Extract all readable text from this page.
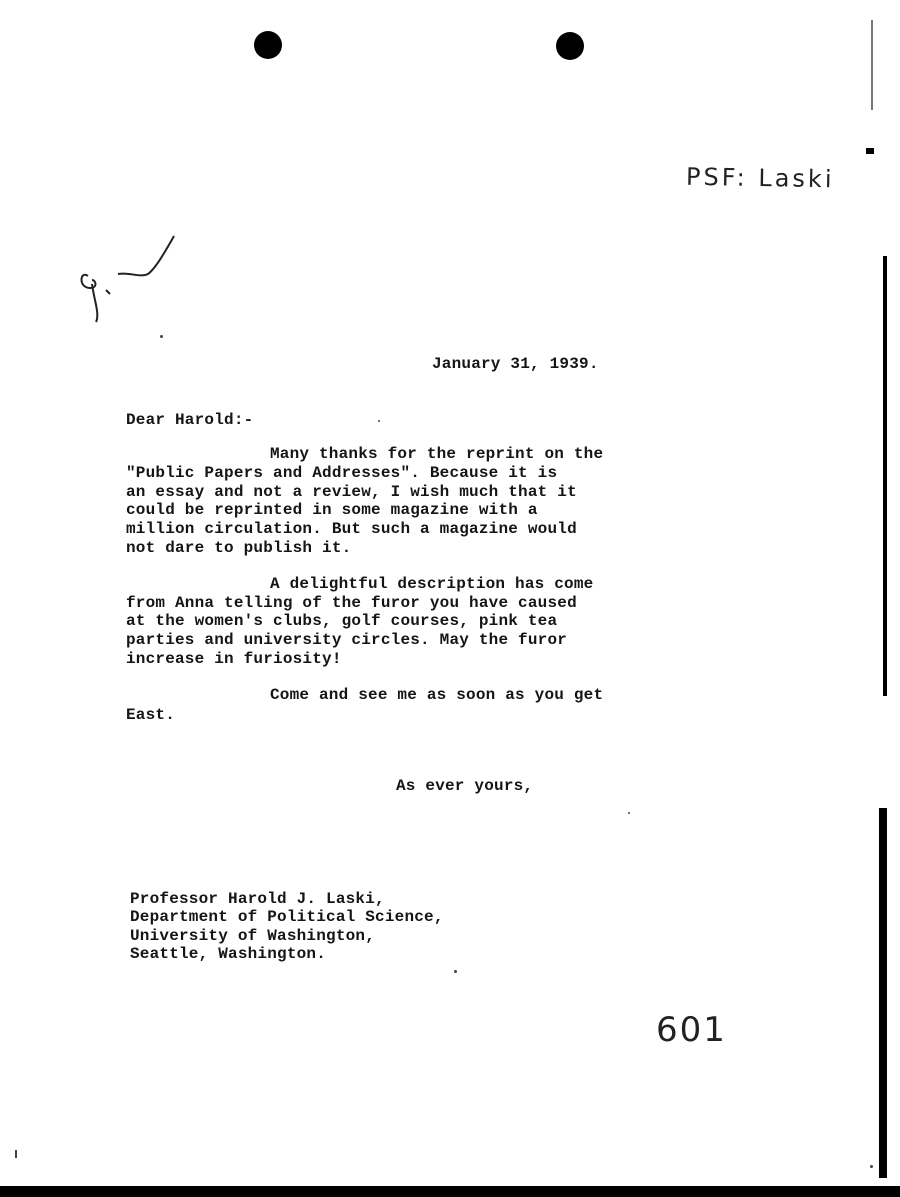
PSF: Laski
January 31, 1939.
Dear Harold:-
Many thanks for the reprint on the
"Public Papers and Addresses". Because it is
an essay and not a review, I wish much that it
could be reprinted in some magazine with a
million circulation. But such a magazine would
not dare to publish it.
A delightful description has come
from Anna telling of the furor you have caused
at the women's clubs, golf courses, pink tea
parties and university circles. May the furor
increase in furiosity!
Come and see me as soon as you get
East.
As ever yours,
Professor Harold J. Laski,
Department of Political Science,
University of Washington,
Seattle, Washington.
601
